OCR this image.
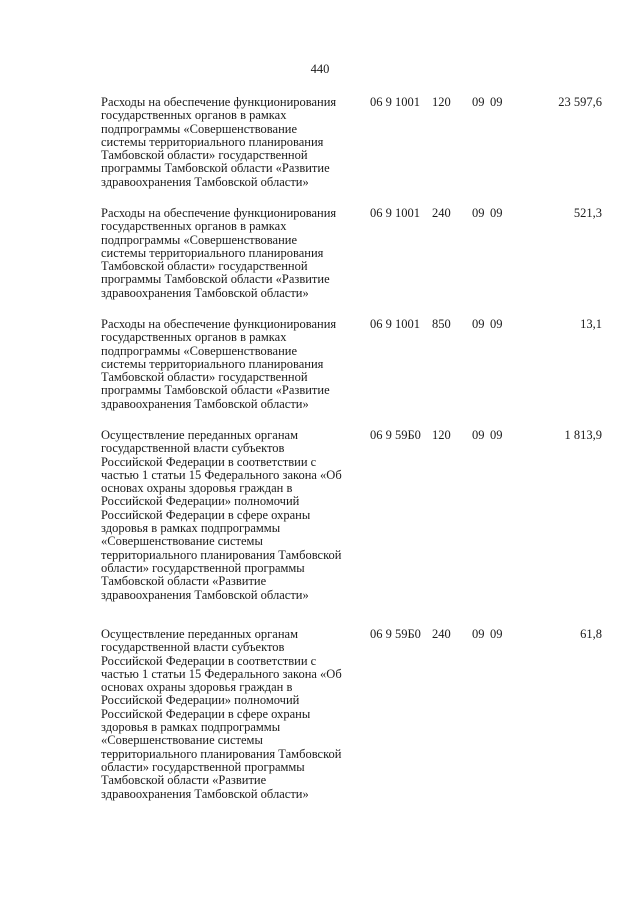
440
Расходы на обеспечение функционирования
государственных органов в рамках
подпрограммы «Совершенствование
системы территориального планирования
Тамбовской области» государственной
программы Тамбовской области «Развитие
здравоохранения Тамбовской области»
06 9 1001 120 09 09	23 597,6
Расходы на обеспечение функционирования
государственных органов в рамках
подпрограммы «Совершенствование
системы территориального планирования
Тамбовской области» государственной
программы Тамбовской области «Развитие
здравоохранения Тамбовской области»
06 9 1001 240 09 09	521,3
Расходы на обеспечение функционирования
государственных органов в рамках
подпрограммы «Совершенствование
системы территориального планирования
Тамбовской области» государственной
программы Тамбовской области «Развитие
здравоохранения Тамбовской области»
06 9 1001 850 09 09	13,1
Осуществление переданных органам
государственной власти субъектов
Российской Федерации в соответствии с
частью 1 статьи 15 Федерального закона «Об
основах охраны здоровья граждан в
Российской Федерации» полномочий
Российской Федерации в сфере охраны
здоровья в рамках подпрограммы
«Совершенствование системы
территориального планирования Тамбовской
области» государственной программы
Тамбовской области «Развитие
здравоохранения Тамбовской области»
06 9 59Б0 120 09 09	1 813,9
Осуществление переданных органам
государственной власти субъектов
Российской Федерации в соответствии с
частью 1 статьи 15 Федерального закона «Об
основах охраны здоровья граждан в
Российской Федерации» полномочий
Российской Федерации в сфере охраны
здоровья в рамках подпрограммы
«Совершенствование системы
территориального планирования Тамбовской
области» государственной программы
Тамбовской области «Развитие
здравоохранения Тамбовской области»
06 9 59Б0 240 09 09	61,8
